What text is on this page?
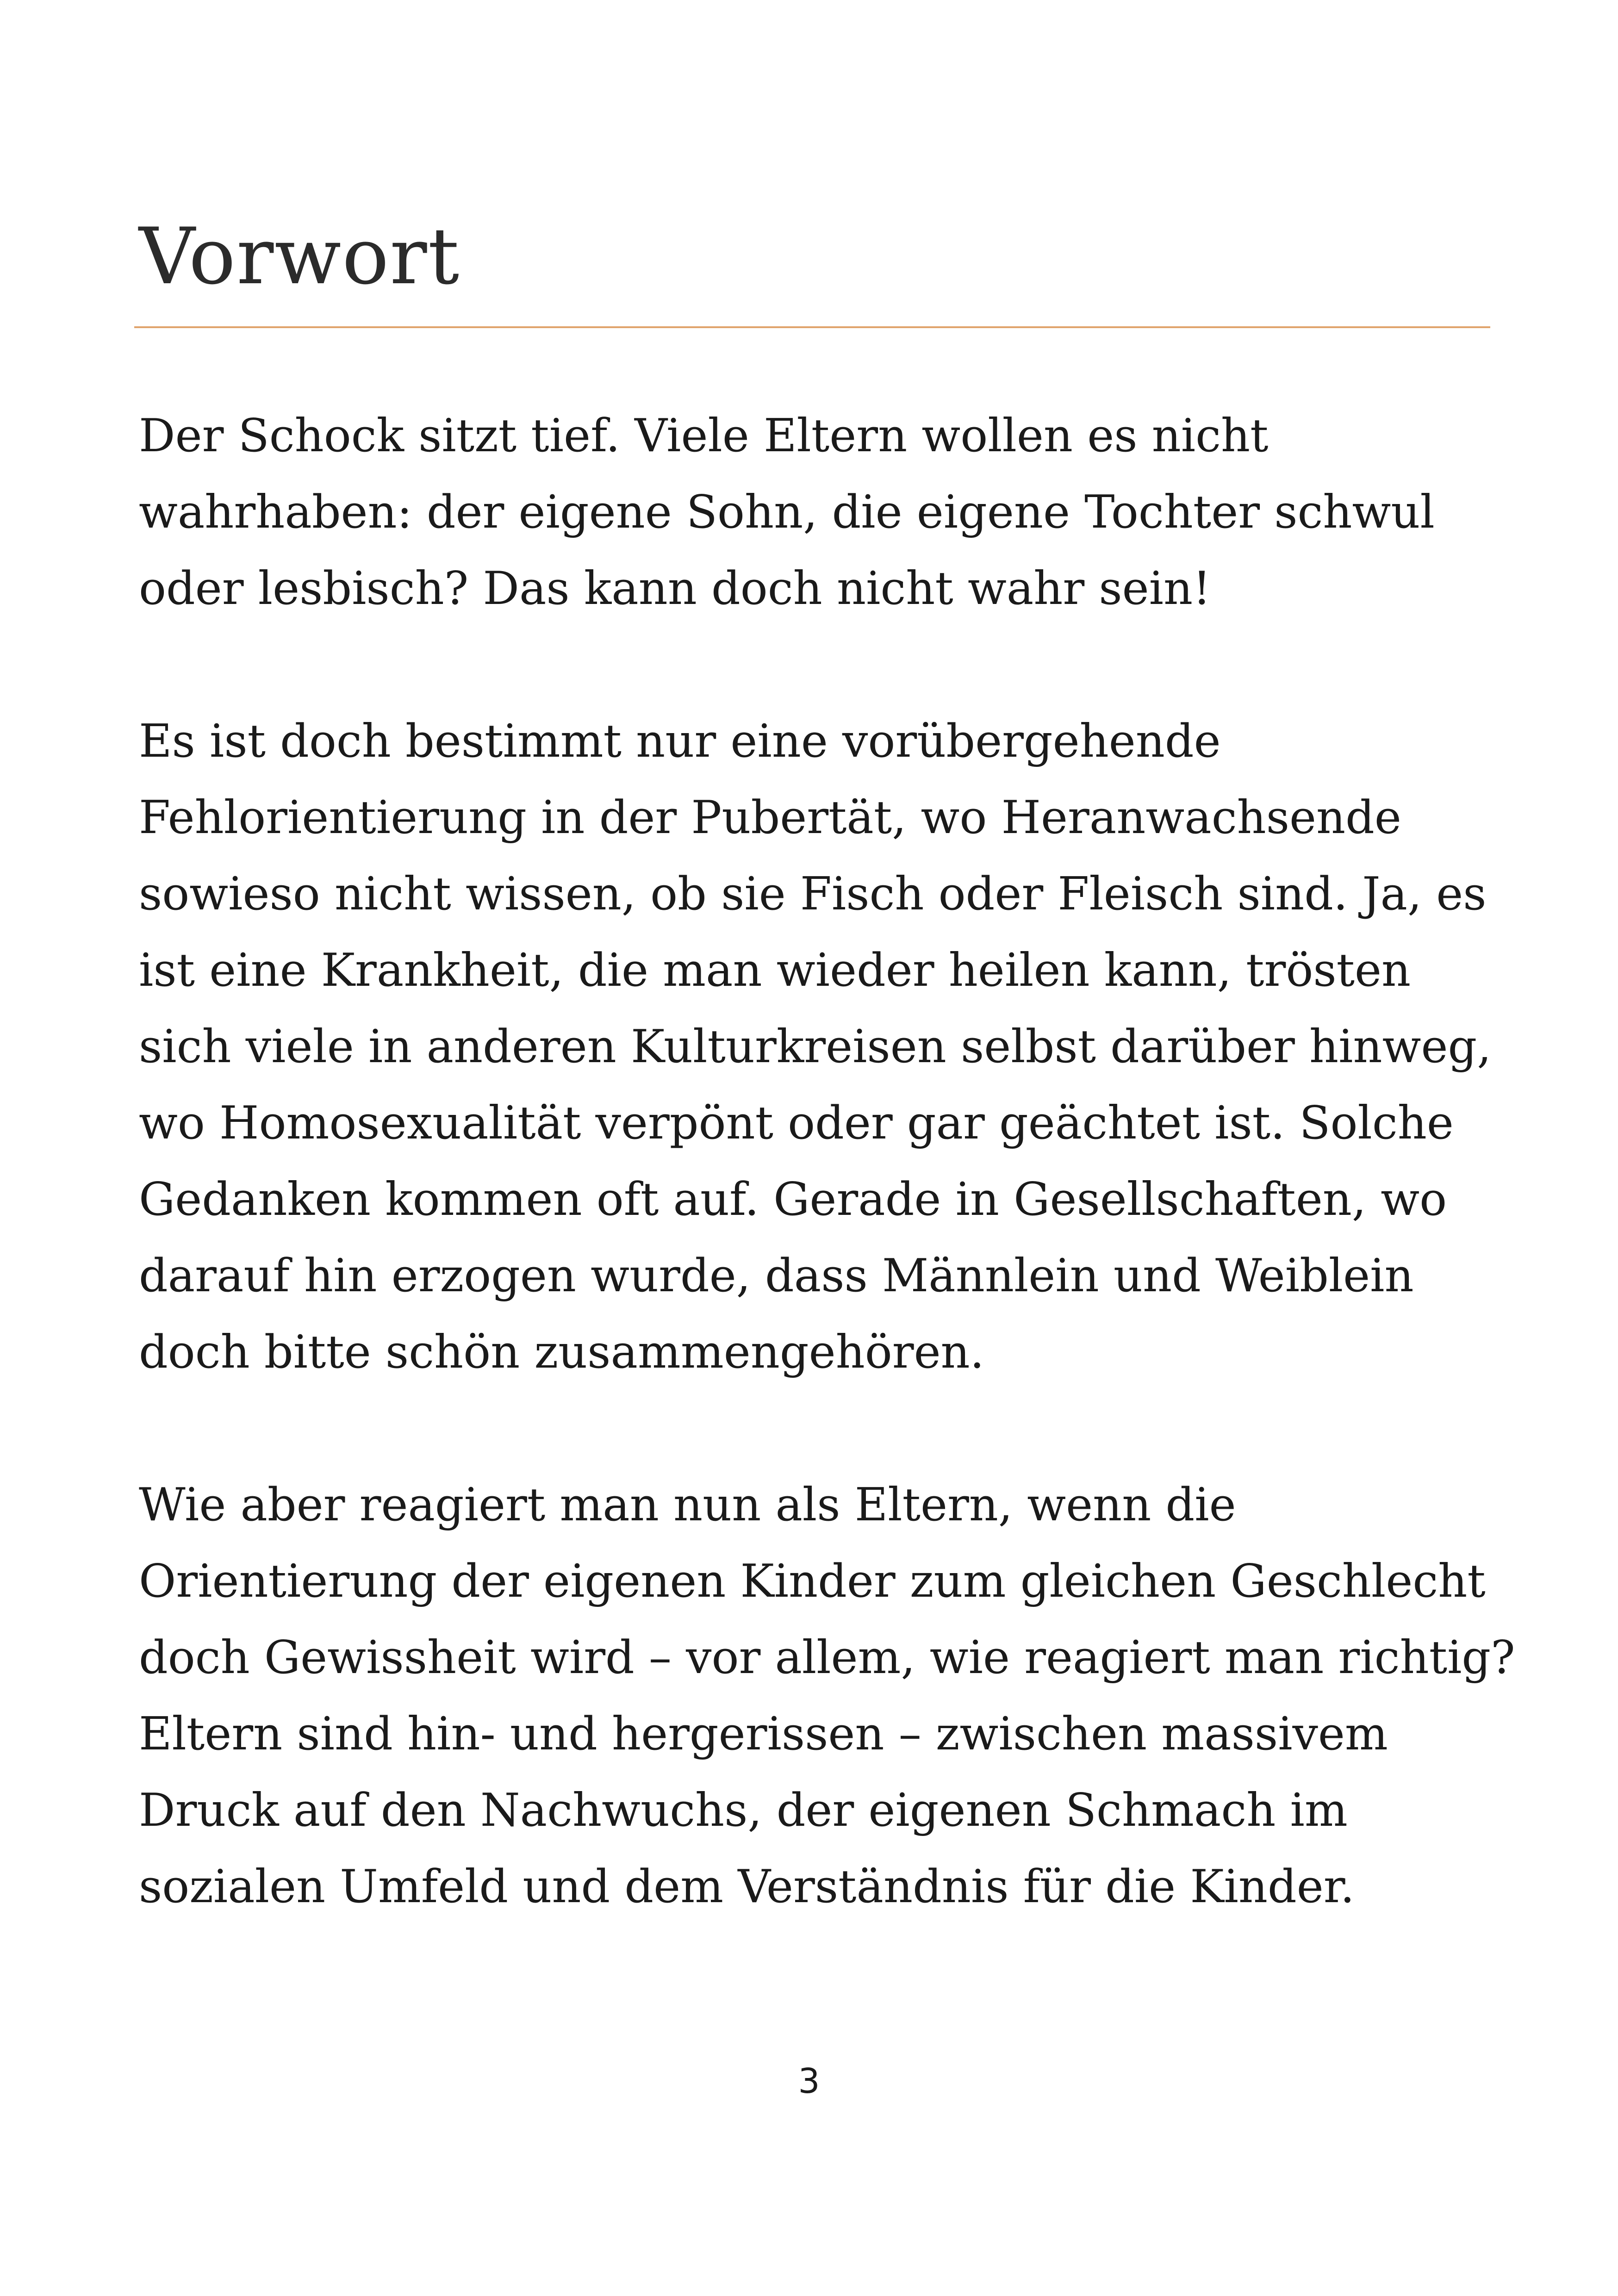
Vorwort

Der Schock sitzt tief. Viele Eltern wollen es nicht
wahrhaben: der eigene Sohn, die eigene Tochter schwul
oder lesbisch? Das kann doch nicht wahr sein!

Es ist doch bestimmt nur eine vorübergehende
Fehlorientierung in der Pubertät, wo Heranwachsende
sowieso nicht wissen, ob sie Fisch oder Fleisch sind. Ja, es
ist eine Krankheit, die man wieder heilen kann, trösten
sich viele in anderen Kulturkreisen selbst darüber hinweg,
wo Homosexualität verpönt oder gar geächtet ist. Solche
Gedanken kommen oft auf. Gerade in Gesellschaften, wo
darauf hin erzogen wurde, dass Männlein und Weiblein
doch bitte schön zusammengehören.

Wie aber reagiert man nun als Eltern, wenn die
Orientierung der eigenen Kinder zum gleichen Geschlecht
doch Gewissheit wird – vor allem, wie reagiert man richtig?
Eltern sind hin- und hergerissen – zwischen massivem
Druck auf den Nachwuchs, der eigenen Schmach im
sozialen Umfeld und dem Verständnis für die Kinder.

3
